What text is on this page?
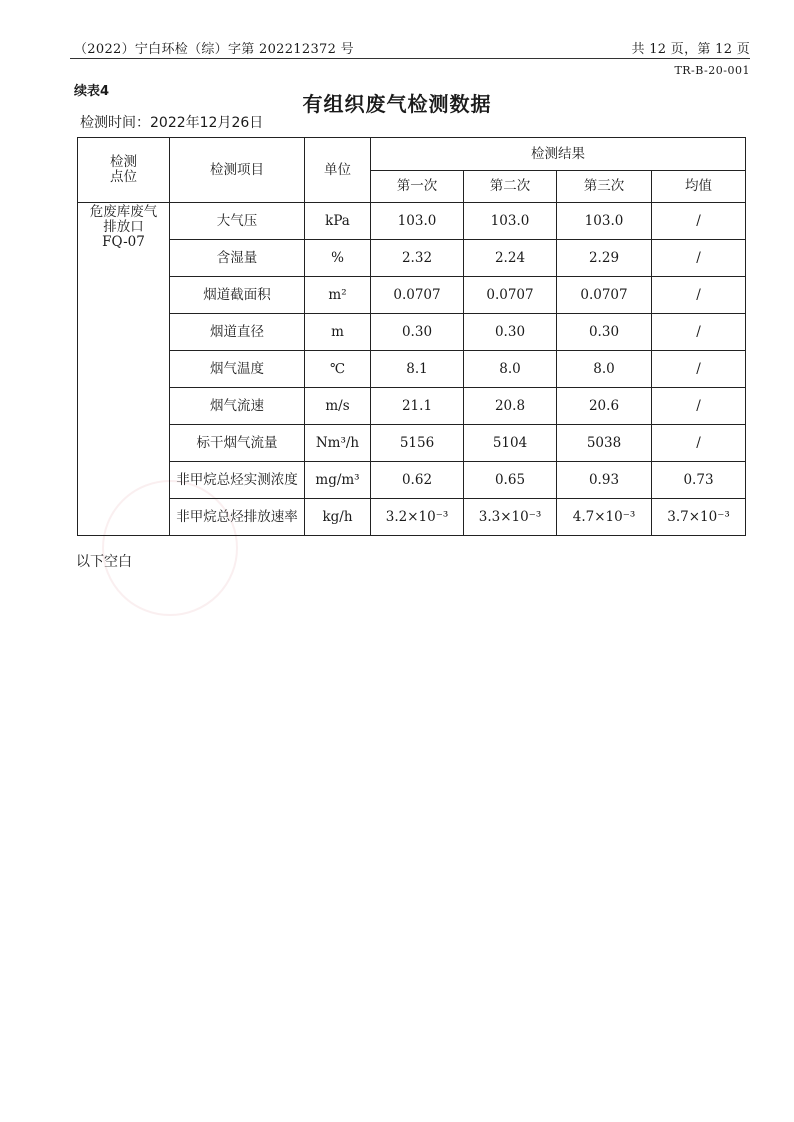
（2022）宁白环检（综）字第 202212372 号	共 12 页，第 12 页
TR-B-20-001
续表4
有组织废气检测数据
检测时间：2022年12月26日
检测
点位	检测项目	单位	检测结果			
			第一次	第二次	第三次	均值
危废库废气
排放口
FQ-07	大气压	kPa	103.0	103.0	103.0	/
	含湿量	%	2.32	2.24	2.29	/
	烟道截面积	m²	0.0707	0.0707	0.0707	/
	烟道直径	m	0.30	0.30	0.30	/
	烟气温度	℃	8.1	8.0	8.0	/
	烟气流速	m/s	21.1	20.8	20.6	/
	标干烟气流量	Nm³/h	5156	5104	5038	/
	非甲烷总烃实测浓度	mg/m³	0.62	0.65	0.93	0.73
	非甲烷总烃排放速率	kg/h	3.2×10⁻³	3.3×10⁻³	4.7×10⁻³	3.7×10⁻³
以下空白
